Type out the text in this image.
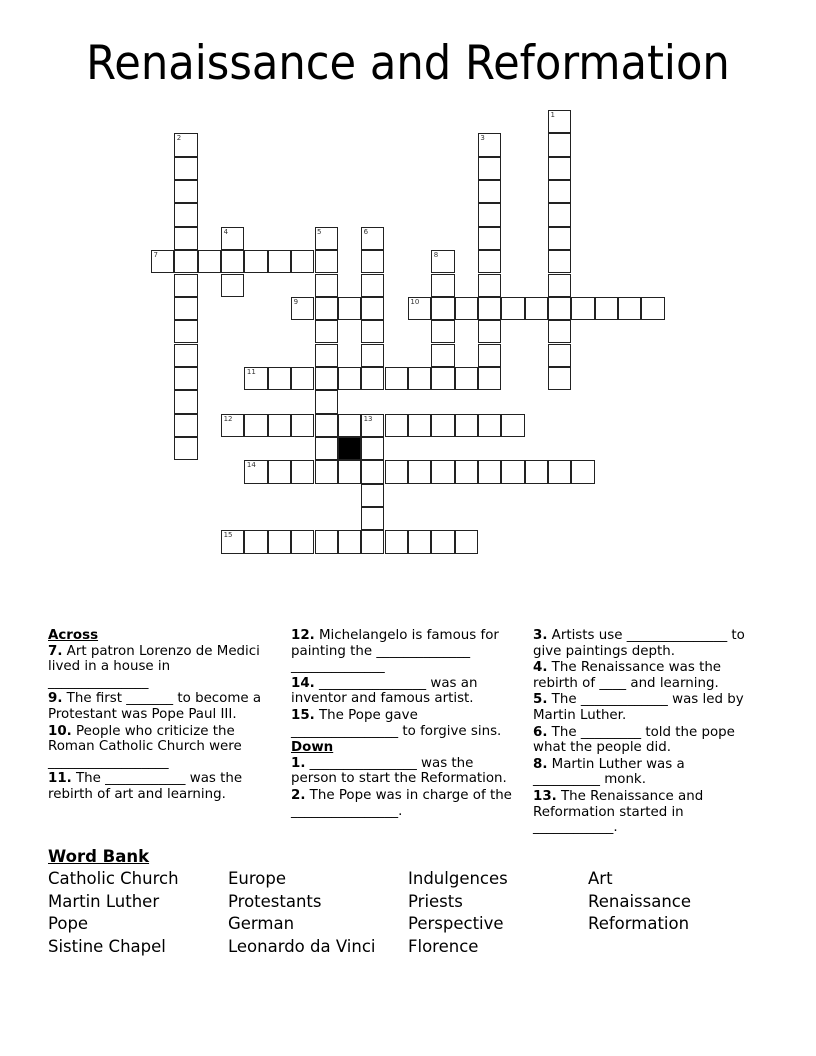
Renaissance and Reformation
1
2	3
4	5	6
7	8
9	10
11
12	13
14
15
Across
7. Art patron Lorenzo de Medici lived in a house in _______________
9. The first _______ to become a Protestant was Pope Paul III.
10. People who criticize the Roman Catholic Church were __________________
11. The ____________ was the rebirth of art and learning.
12. Michelangelo is famous for painting the ______________ ______________
14. ________________ was an inventor and famous artist.
15. The Pope gave ________________ to forgive sins.
Down
1. ________________ was the person to start the Reformation.
2. The Pope was in charge of the ________________.
3. Artists use _______________ to give paintings depth.
4. The Renaissance was the rebirth of ____ and learning.
5. The _____________ was led by Martin Luther.
6. The _________ told the pope what the people did.
8. Martin Luther was a __________ monk.
13. The Renaissance and Reformation started in ____________.
Word Bank
Catholic Church
Martin Luther
Pope
Sistine Chapel
Europe
Protestants
German
Leonardo da Vinci
Indulgences
Priests
Perspective
Florence
Art
Renaissance
Reformation
